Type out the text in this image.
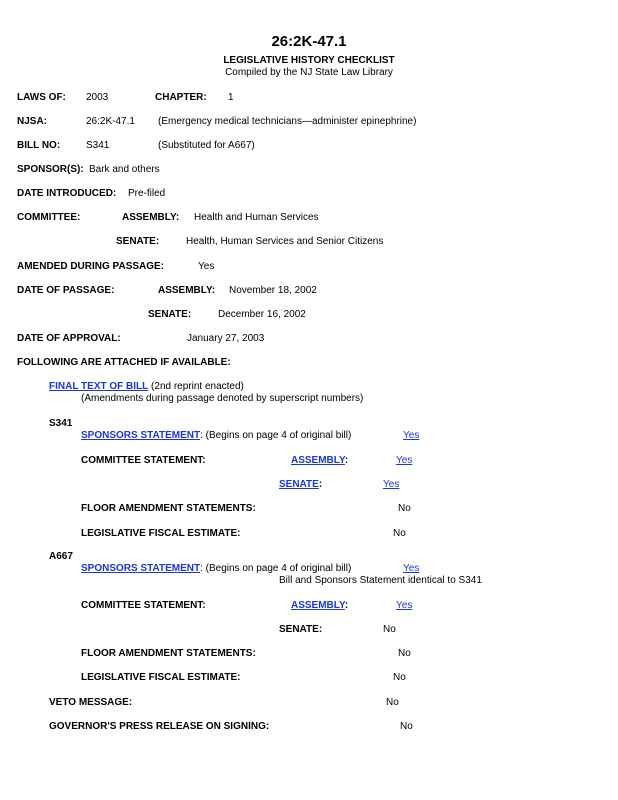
26:2K-47.1
LEGISLATIVE HISTORY CHECKLIST
Compiled by the NJ State Law Library
LAWS OF: 2003	CHAPTER: 1
NJSA:	26:2K-47.1 (Emergency medical technicians—administer epinephrine)
BILL NO:	S341	(Substituted for A667)
SPONSOR(S): Bark and others
DATE INTRODUCED: Pre-filed
COMMITTEE:	ASSEMBLY: Health and Human Services
SENATE:	Health, Human Services and Senior Citizens
AMENDED DURING PASSAGE:	Yes
DATE OF PASSAGE:	ASSEMBLY: November 18, 2002
SENATE:	December 16, 2002
DATE OF APPROVAL:	January 27, 2003
FOLLOWING ARE ATTACHED IF AVAILABLE:
FINAL TEXT OF BILL (2nd reprint enacted)
(Amendments during passage denoted by superscript numbers)
S341
SPONSORS STATEMENT: (Begins on page 4 of original bill)	Yes
COMMITTEE STATEMENT:	ASSEMBLY:	Yes
SENATE:	Yes
FLOOR AMENDMENT STATEMENTS:	No
LEGISLATIVE FISCAL ESTIMATE:	No
A667
SPONSORS STATEMENT: (Begins on page 4 of original bill)	Yes
Bill and Sponsors Statement identical to S341
COMMITTEE STATEMENT:	ASSEMBLY:	Yes
SENATE:	No
FLOOR AMENDMENT STATEMENTS:	No
LEGISLATIVE FISCAL ESTIMATE:	No
VETO MESSAGE:	No
GOVERNOR'S PRESS RELEASE ON SIGNING:	No
